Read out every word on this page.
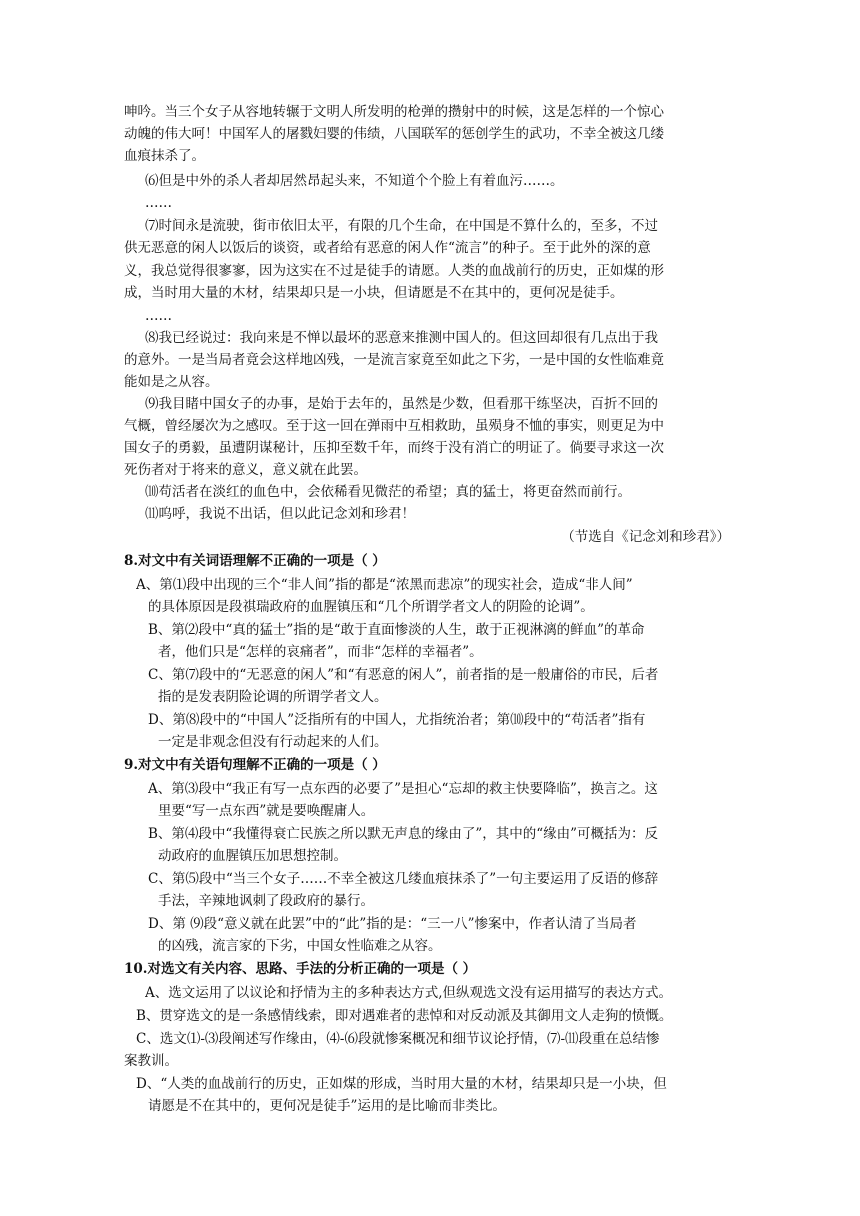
呻吟。当三个女子从容地转辗于文明人所发明的枪弹的攒射中的时候，这是怎样的一个惊心
动魄的伟大呵！中国军人的屠戮妇婴的伟绩，八国联军的惩创学生的武功，不幸全被这几缕
血痕抹杀了。
⑹但是中外的杀人者却居然昂起头来，不知道个个脸上有着血污……。
……
⑺时间永是流驶，街市依旧太平，有限的几个生命，在中国是不算什么的，至多，不过
供无恶意的闲人以饭后的谈资，或者给有恶意的闲人作“流言”的种子。至于此外的深的意
义，我总觉得很寥寥，因为这实在不过是徒手的请愿。人类的血战前行的历史，正如煤的形
成，当时用大量的木材，结果却只是一小块，但请愿是不在其中的，更何况是徒手。
……
⑻我已经说过：我向来是不惮以最坏的恶意来推测中国人的。但这回却很有几点出于我
的意外。一是当局者竟会这样地凶残，一是流言家竟至如此之下劣，一是中国的女性临难竟
能如是之从容。
⑼我目睹中国女子的办事，是始于去年的，虽然是少数，但看那干练坚决，百折不回的
气概，曾经屡次为之感叹。至于这一回在弹雨中互相救助，虽殒身不恤的事实，则更足为中
国女子的勇毅，虽遭阴谋秘计，压抑至数千年，而终于没有消亡的明证了。倘要寻求这一次
死伤者对于将来的意义，意义就在此罢。
⑽苟活者在淡红的血色中，会依稀看见微茫的希望；真的猛士，将更奋然而前行。
⑾呜呼，我说不出话，但以此记念刘和珍君！
（节选自《记念刘和珍君》）
8.对文中有关词语理解不正确的一项是（ ）
A、第⑴段中出现的三个“非人间”指的都是“浓黑而悲凉”的现实社会，造成“非人间”
的具体原因是段祺瑞政府的血腥镇压和“几个所谓学者文人的阴险的论调”。
B、第⑵段中“真的猛士”指的是“敢于直面惨淡的人生，敢于正视淋漓的鲜血”的革命
者，他们只是“怎样的哀痛者”，而非“怎样的幸福者”。
C、第⑺段中的“无恶意的闲人”和“有恶意的闲人”，前者指的是一般庸俗的市民，后者
指的是发表阴险论调的所谓学者文人。
D、第⑻段中的“中国人”泛指所有的中国人，尤指统治者；第⑽段中的“苟活者”指有
一定是非观念但没有行动起来的人们。
9.对文中有关语句理解不正确的一项是（ ）
A、第⑶段中“我正有写一点东西的必要了”是担心“忘却的救主快要降临”，换言之。这
里要“写一点东西”就是要唤醒庸人。
B、第⑷段中“我懂得衰亡民族之所以默无声息的缘由了”，其中的“缘由”可概括为：反
动政府的血腥镇压加思想控制。
C、第⑸段中“当三个女子……不幸全被这几缕血痕抹杀了”一句主要运用了反语的修辞
手法，辛辣地讽刺了段政府的暴行。
D、第 ⑼段“意义就在此罢”中的“此”指的是：“三一八”惨案中，作者认清了当局者
的凶残，流言家的下劣，中国女性临难之从容。
10.对选文有关内容、思路、手法的分析正确的一项是（ ）
A、选文运用了以议论和抒情为主的多种表达方式,但纵观选文没有运用描写的表达方式。
B、贯穿选文的是一条感情线索，即对遇难者的悲悼和对反动派及其御用文人走狗的愤慨。
C、选文⑴-⑶段阐述写作缘由，⑷-⑹段就惨案概况和细节议论抒情，⑺-⑾段重在总结惨
案教训。
D、“人类的血战前行的历史，正如煤的形成，当时用大量的木材，结果却只是一小块，但
请愿是不在其中的，更何况是徒手”运用的是比喻而非类比。
